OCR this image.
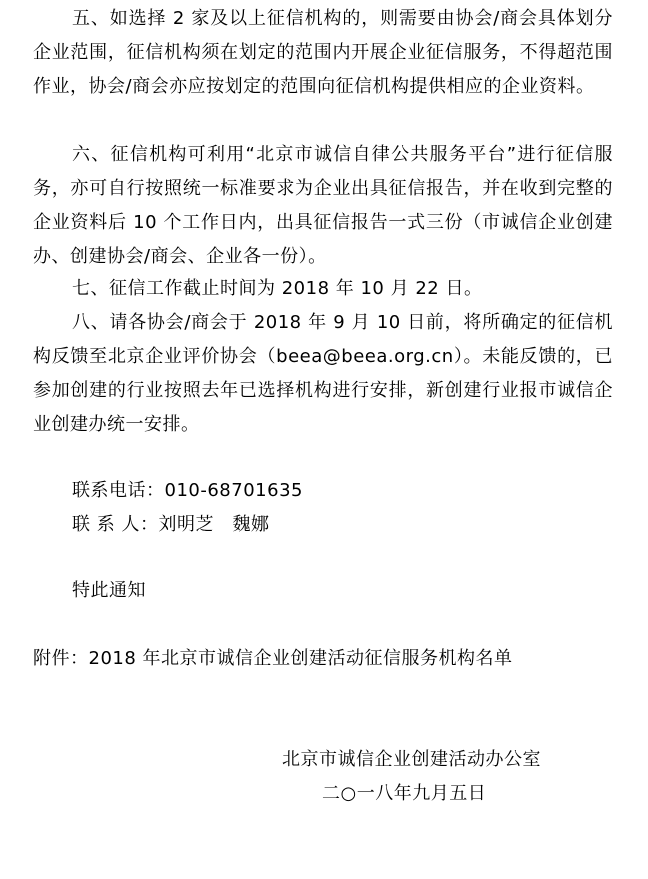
五、如选择 2 家及以上征信机构的，则需要由协会/商会具体划分企业范围，征信机构须在划定的范围内开展企业征信服务，不得超范围作业，协会/商会亦应按划定的范围向征信机构提供相应的企业资料。

六、征信机构可利用“北京市诚信自律公共服务平台”进行征信服务，亦可自行按照统一标准要求为企业出具征信报告，并在收到完整的企业资料后 10 个工作日内，出具征信报告一式三份（市诚信企业创建办、创建协会/商会、企业各一份）。

七、征信工作截止时间为 2018 年 10 月 22 日。

八、请各协会/商会于 2018 年 9 月 10 日前，将所确定的征信机构反馈至北京企业评价协会（beea@beea.org.cn）。未能反馈的，已参加创建的行业按照去年已选择机构进行安排，新创建行业报市诚信企业创建办统一安排。

联系电话：010-68701635
联 系 人：刘明芝　魏娜
特此通知
附件：2018 年北京市诚信企业创建活动征信服务机构名单
北京市诚信企业创建活动办公室
二○一八年九月五日
